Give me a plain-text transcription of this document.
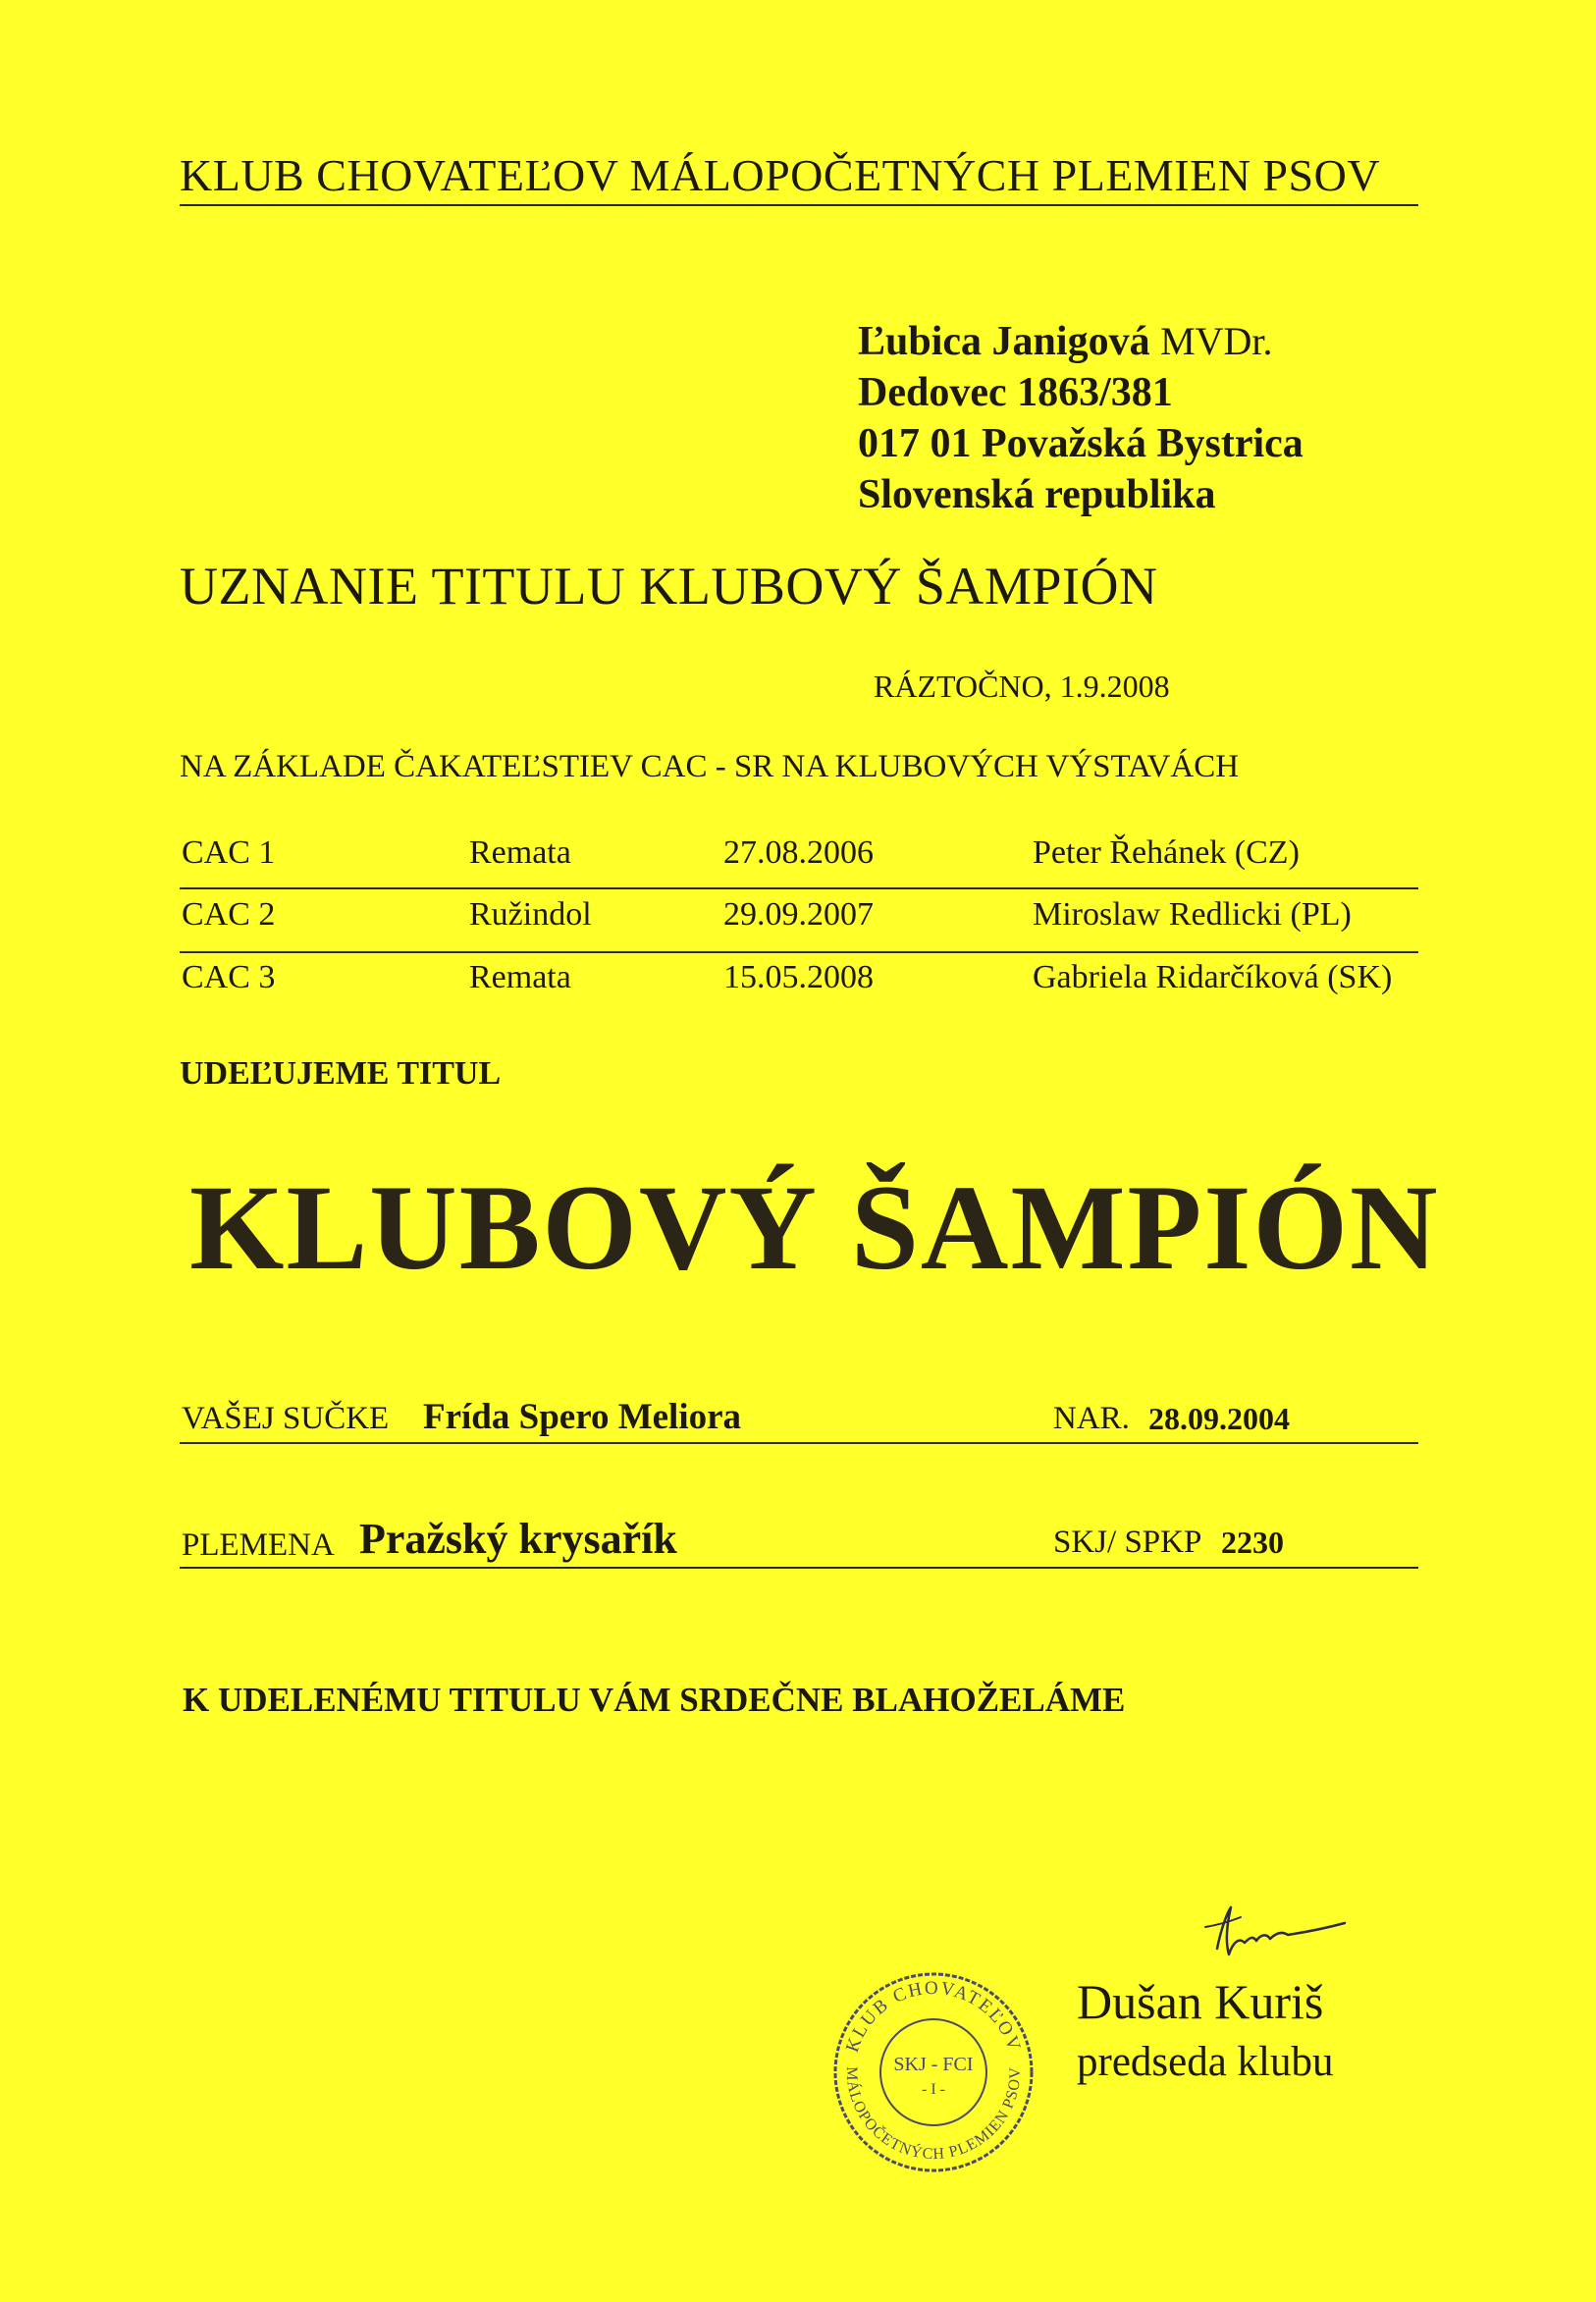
KLUB CHOVATEĽOV MÁLOPOČETNÝCH PLEMIEN PSOV
Ľubica Janigová MVDr.
Dedovec 1863/381
017 01 Považská Bystrica
Slovenská republika
UZNANIE TITULU KLUBOVÝ ŠAMPIÓN
RÁZTOČNO, 1.9.2008
NA ZÁKLADE ČAKATEĽSTIEV CAC - SR NA KLUBOVÝCH VÝSTAVÁCH
CAC 1	Remata	27.08.2006	Peter Řehánek (CZ)
CAC 2	Ružindol	29.09.2007	Miroslaw Redlicki (PL)
CAC 3	Remata	15.05.2008	Gabriela Ridarčíková (SK)
UDEĽUJEME TITUL
KLUBOVÝ ŠAMPIÓN
VAŠEJ SUČKE Frída Spero Meliora	NAR. 28.09.2004
PLEMENA Pražský krysařík	SKJ/ SPKP 2230
K UDELENÉMU TITULU VÁM SRDEČNE BLAHOŽELÁME
KLUB CHOVATEĽOV
MÁLOPOČETNÝCH PLEMIEN PSOV
SKJ - FCI
- I -
Dušan Kuriš
predseda klubu
